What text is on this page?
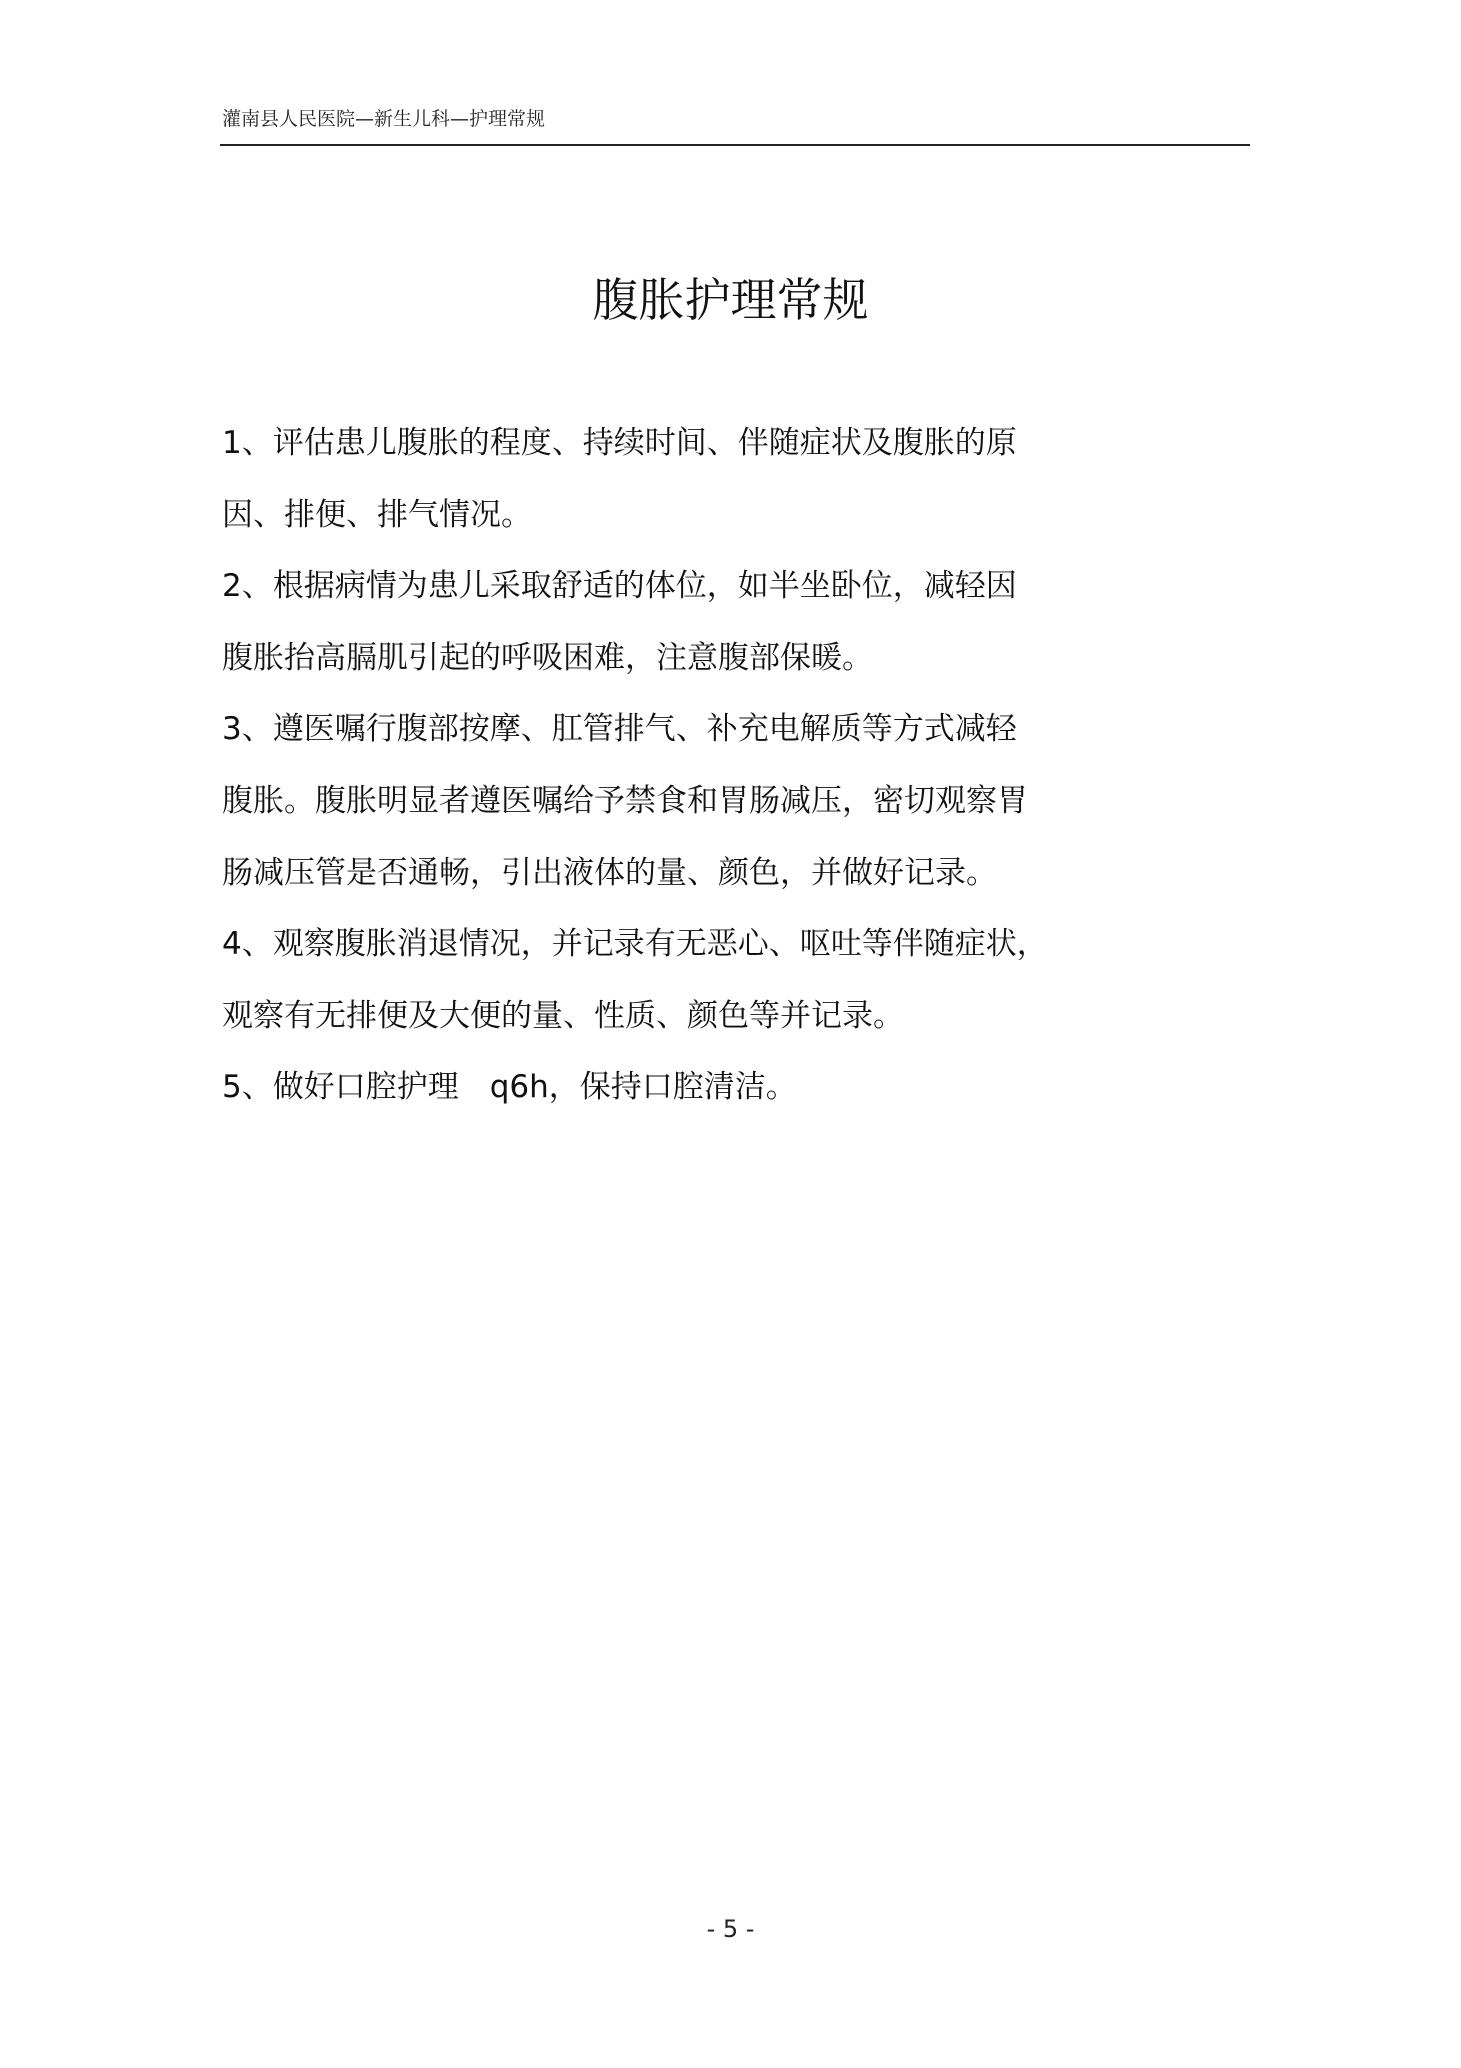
灌南县人民医院—新生儿科—护理常规
腹胀护理常规
1、评估患儿腹胀的程度、持续时间、伴随症状及腹胀的原
因、排便、排气情况。
2、根据病情为患儿采取舒适的体位，如半坐卧位，减轻因
腹胀抬高膈肌引起的呼吸困难，注意腹部保暖。
3、遵医嘱行腹部按摩、肛管排气、补充电解质等方式减轻
腹胀。腹胀明显者遵医嘱给予禁食和胃肠减压，密切观察胃
肠减压管是否通畅，引出液体的量、颜色，并做好记录。
4、观察腹胀消退情况，并记录有无恶心、呕吐等伴随症状，
观察有无排便及大便的量、性质、颜色等并记录。
5、做好口腔护理　q6h，保持口腔清洁。
- 5 -
